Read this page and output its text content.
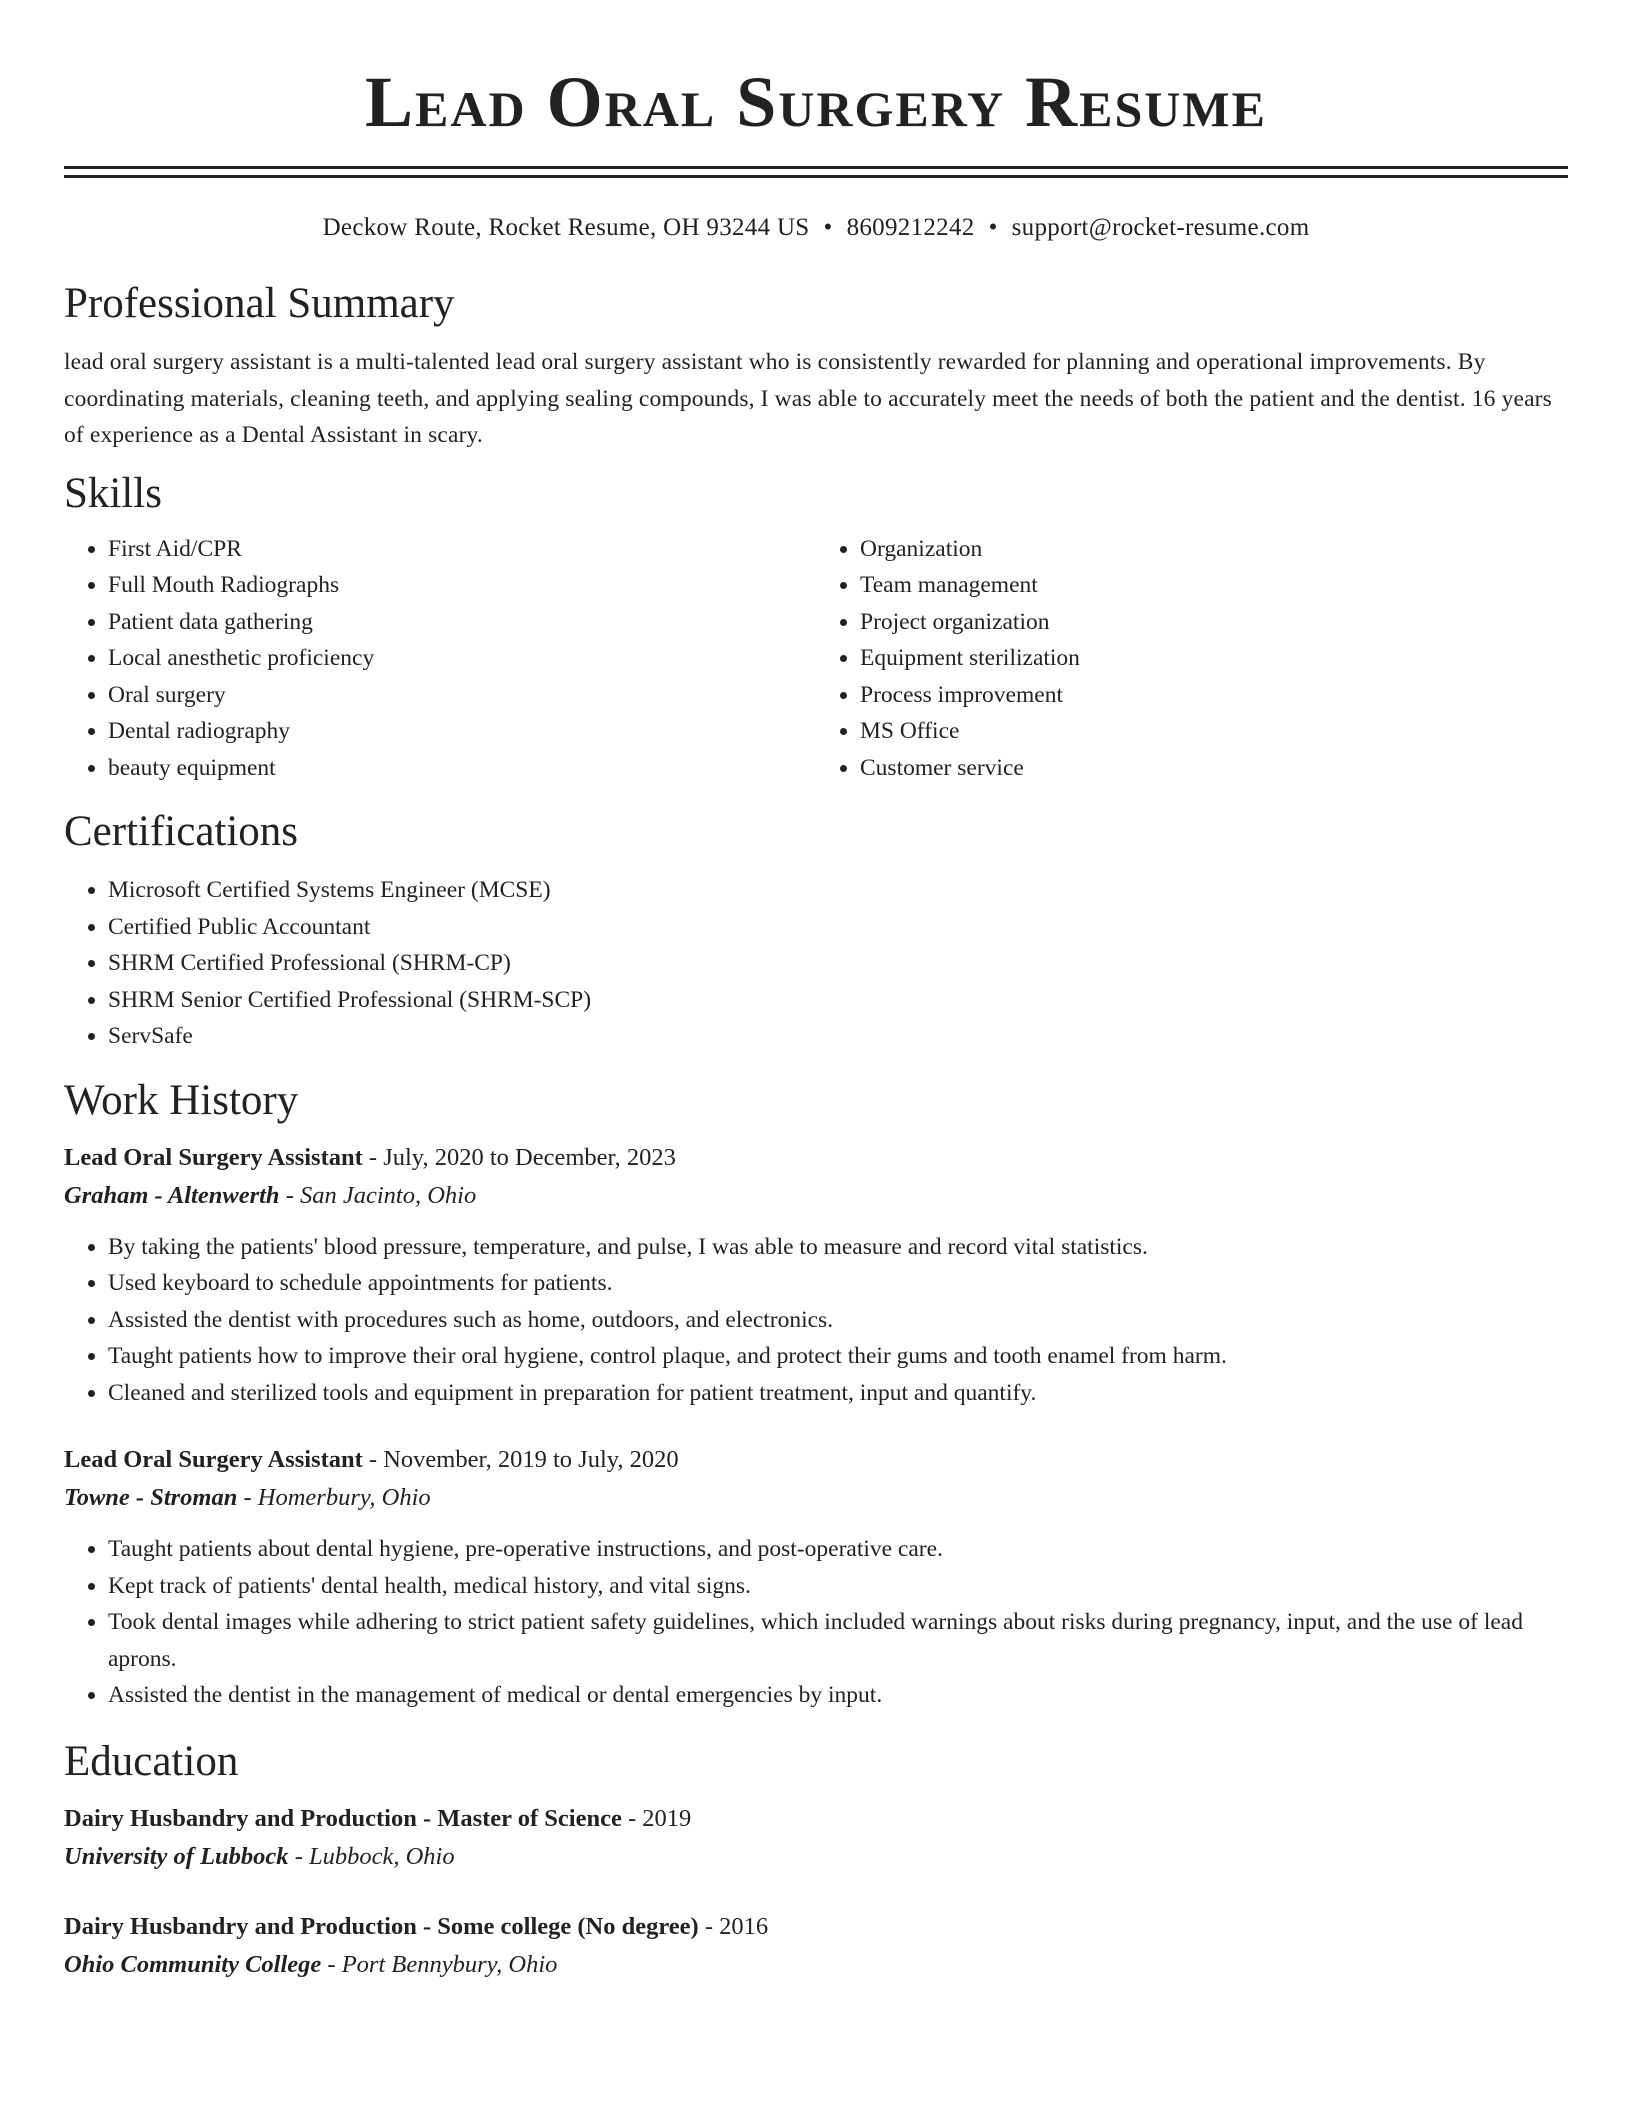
Lead Oral Surgery Resume
Deckow Route, Rocket Resume, OH 93244 US • 8609212242 • support@rocket-resume.com
Professional Summary

lead oral surgery assistant is a multi-talented lead oral surgery assistant who is consistently rewarded for planning and operational improvements. By coordinating materials, cleaning teeth, and applying sealing compounds, I was able to accurately meet the needs of both the patient and the dentist. 16 years of experience as a Dental Assistant in scary.

Skills
• First Aid/CPR
• Full Mouth Radiographs
• Patient data gathering
• Local anesthetic proficiency
• Oral surgery
• Dental radiography
• beauty equipment
• Organization
• Team management
• Project organization
• Equipment sterilization
• Process improvement
• MS Office
• Customer service
Certifications
• Microsoft Certified Systems Engineer (MCSE)
• Certified Public Accountant
• SHRM Certified Professional (SHRM-CP)
• SHRM Senior Certified Professional (SHRM-SCP)
• ServSafe
Work History
Lead Oral Surgery Assistant - July, 2020 to December, 2023
Graham - Altenwerth - San Jacinto, Ohio
• By taking the patients' blood pressure, temperature, and pulse, I was able to measure and record vital statistics.
• Used keyboard to schedule appointments for patients.
• Assisted the dentist with procedures such as home, outdoors, and electronics.
• Taught patients how to improve their oral hygiene, control plaque, and protect their gums and tooth enamel from harm.
• Cleaned and sterilized tools and equipment in preparation for patient treatment, input and quantify.
Lead Oral Surgery Assistant - November, 2019 to July, 2020
Towne - Stroman - Homerbury, Ohio
• Taught patients about dental hygiene, pre-operative instructions, and post-operative care.
• Kept track of patients' dental health, medical history, and vital signs.
• Took dental images while adhering to strict patient safety guidelines, which included warnings about risks during pregnancy, input, and the use of lead aprons.
• Assisted the dentist in the management of medical or dental emergencies by input.
Education
Dairy Husbandry and Production - Master of Science - 2019
University of Lubbock - Lubbock, Ohio
Dairy Husbandry and Production - Some college (No degree) - 2016
Ohio Community College - Port Bennybury, Ohio
